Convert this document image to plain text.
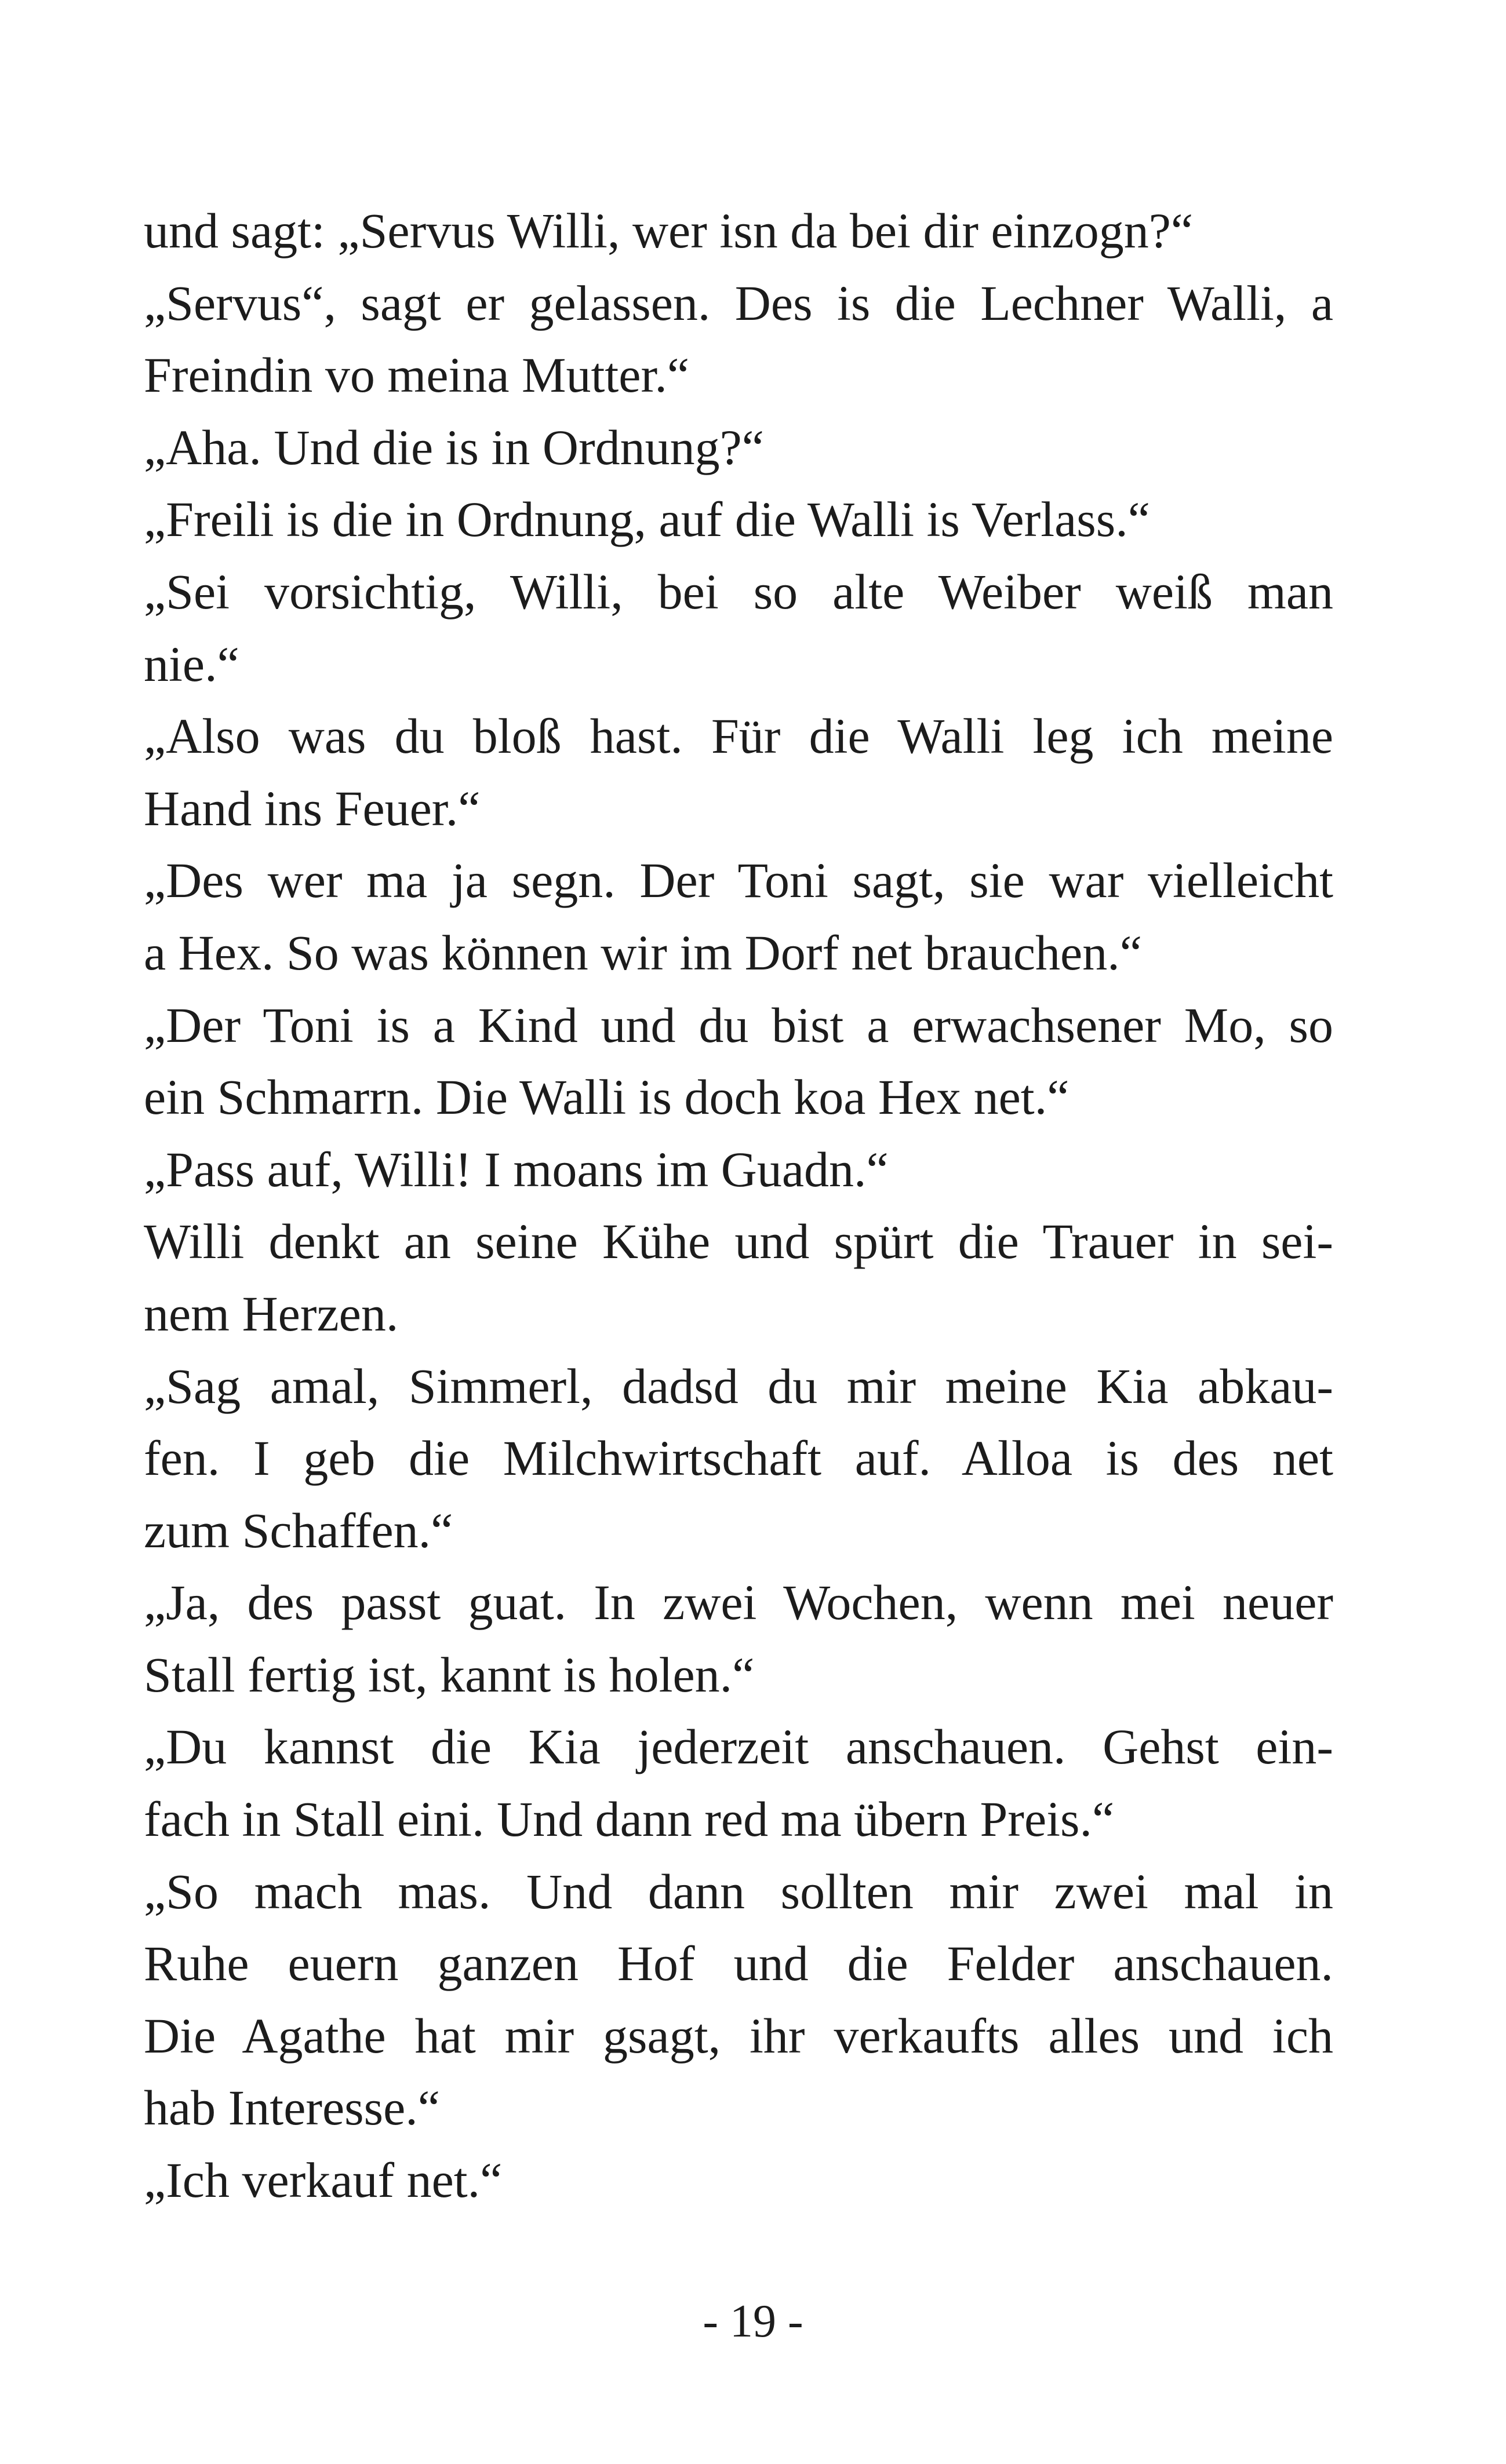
und sagt: „Servus Willi, wer isn da bei dir einzogn?“
„Servus“, sagt er gelassen. Des is die Lechner Walli, a
Freindin vo meina Mutter.“
„Aha. Und die is in Ordnung?“
„Freili is die in Ordnung, auf die Walli is Verlass.“
„Sei vorsichtig, Willi, bei so alte Weiber weiß man
nie.“
„Also was du bloß hast. Für die Walli leg ich meine
Hand ins Feuer.“
„Des wer ma ja segn. Der Toni sagt, sie war vielleicht
a Hex. So was können wir im Dorf net brauchen.“
„Der Toni is a Kind und du bist a erwachsener Mo, so
ein Schmarrn. Die Walli is doch koa Hex net.“
„Pass auf, Willi! I moans im Guadn.“
Willi denkt an seine Kühe und spürt die Trauer in sei-
nem Herzen.
„Sag amal, Simmerl, dadsd du mir meine Kia abkau-
fen. I geb die Milchwirtschaft auf. Alloa is des net
zum Schaffen.“
„Ja, des passt guat. In zwei Wochen, wenn mei neuer
Stall fertig ist, kannt is holen.“
„Du kannst die Kia jederzeit anschauen. Gehst ein-
fach in Stall eini. Und dann red ma übern Preis.“
„So mach mas. Und dann sollten mir zwei mal in
Ruhe euern ganzen Hof und die Felder anschauen.
Die Agathe hat mir gsagt, ihr verkaufts alles und ich
hab Interesse.“
„Ich verkauf net.“
- 19 -
